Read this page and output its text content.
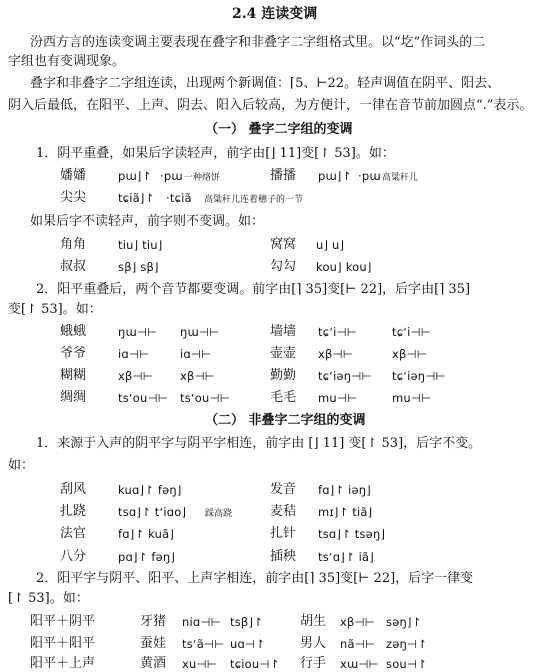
2.4 连读变调
汾西方言的连读变调主要表现在叠字和非叠字二字组格式里。以“圪”作词头的二
字组也有变调现象。
叠字和非叠字二字组连读，出现两个新调值：⌈5、⊢22。轻声调值在阴平、阳去、
阴入后最低，在阳平、上声、阴去、阳入后较高，为方便计，一律在音节前加圆点“.”表示。
（一） 叠字二字组的变调
1．阴平重叠，如果后字读轻声，前字由[⌋ 11]变[↾ 53]。如：
嬏嬏	pɯ⌋↾ ·pɯ 一种烙饼	播播 pɯ⌋↾ ·pɯ 高粱秆儿
尖尖	tɕiã⌋↾ ·tɕiã 高粱秆儿连着穗子的一节
如果后字不读轻声，前字则不变调。如：
角角	tiu⌋ tiu⌋	窝窝 u⌋ u⌋
叔叔	sβ⌋ sβ⌋	勾勾 kou⌋ kou⌋
2．阳平重叠后，两个音节都要变调。前字由[⌉ 35]变[⊢ 22]，后字由[⌉ 35]
变[↾ 53]。如：
蛾蛾	ŋɯ⊣⊢ ŋɯ⊣⊢	墙墙 tɕʻi⊣⊢	tɕʻi⊣⊢
爷爷	iɑ⊣⊢	iɑ⊣⊢	壶壶 xβ⊣⊢	xβ⊣⊢
糊糊	xβ⊣⊢ xβ⊣⊢	勤勤 tɕʻiəŋ⊣⊢ tɕʻiəŋ⊣⊢
绸绸	tsʻou⊣⊢ tsʻou⊣⊢	毛毛 mu⊣⊢	mu⊣⊢
（二） 非叠字二字组的变调
1．来源于入声的阴平字与阴平字相连，前字由 [⌋ 11] 变[↾ 53]，后字不变。
如：
刮风	kuɑ⌋↾ fəŋ⌋	发音 fɑ⌋↾ iəŋ⌋
扎跷	tsɑ⌋↾ tʻiɑo⌋ 踩高跷	麦秸 mɪ⌋↾ tiã⌋
法官	fɑ⌋↾ kuã⌋	扎针 tsɑ⌋↾ tsəŋ⌋
八分	pɑ⌋↾ fəŋ⌋	插秧 tsʻɑ⌋↾ iã⌋
2．阳平字与阴平、阳平、上声字相连，前字由[⌉ 35]变[⊢ 22]，后字一律变
[↾ 53]。如：
阳平＋阴平	牙猪 niɑ⊣⊢ tsβ⌋↾	胡生 xβ⊣⊢ səŋ⌋↾
阳平＋阳平	蚕娃 tsʻã⊣⊢ uɑ⊣↾	男人 nã⊣⊢ zəŋ⊣↾
阳平＋上声	黄酒 xu⊣⊢ tɕiou⊣↾ 行手 xɯ⊣⊢ sou⊣↾
